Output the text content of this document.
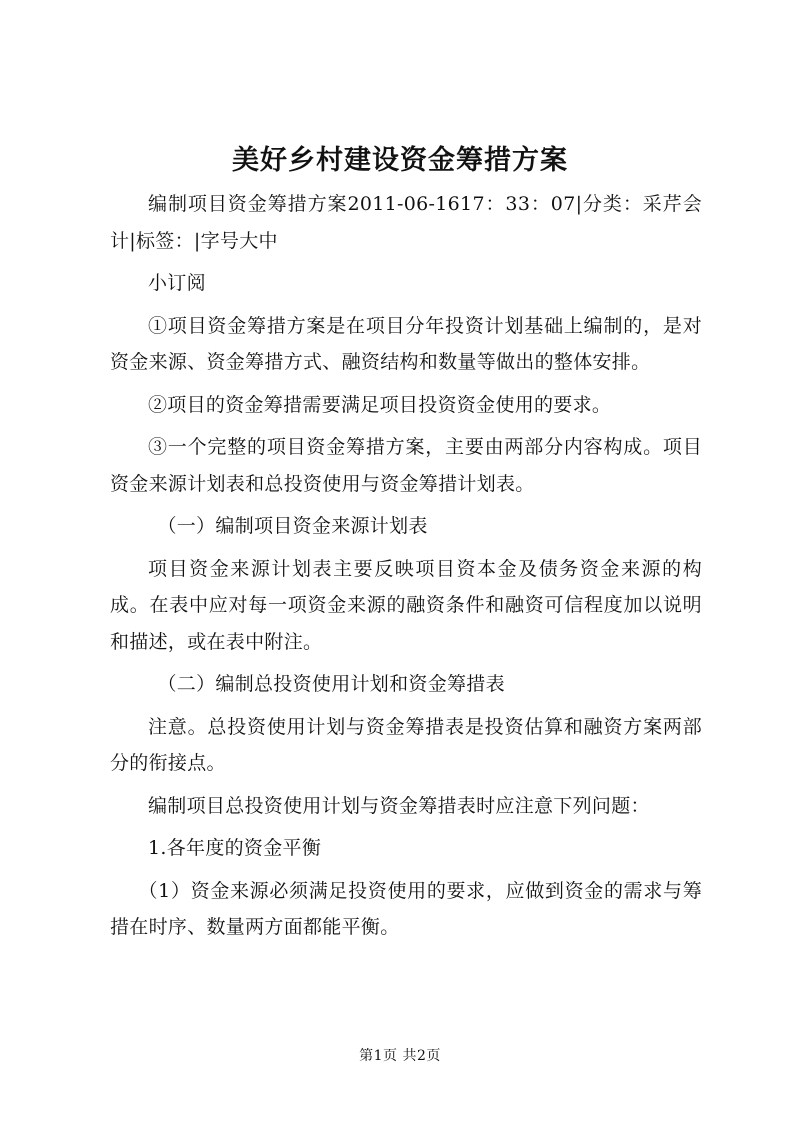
美好乡村建设资金筹措方案

编制项目资金筹措方案2011-06-1617：33：07|分类：采芹会计|标签：|字号大中

小订阅

①项目资金筹措方案是在项目分年投资计划基础上编制的，是对资金来源、资金筹措方式、融资结构和数量等做出的整体安排。

②项目的资金筹措需要满足项目投资资金使用的要求。

③一个完整的项目资金筹措方案，主要由两部分内容构成。项目资金来源计划表和总投资使用与资金筹措计划表。

（一）编制项目资金来源计划表

项目资金来源计划表主要反映项目资本金及债务资金来源的构成。在表中应对每一项资金来源的融资条件和融资可信程度加以说明和描述，或在表中附注。

（二）编制总投资使用计划和资金筹措表

注意。总投资使用计划与资金筹措表是投资估算和融资方案两部分的衔接点。

编制项目总投资使用计划与资金筹措表时应注意下列问题：

1.各年度的资金平衡

（1）资金来源必须满足投资使用的要求，应做到资金的需求与筹措在时序、数量两方面都能平衡。

第1页 共2页
